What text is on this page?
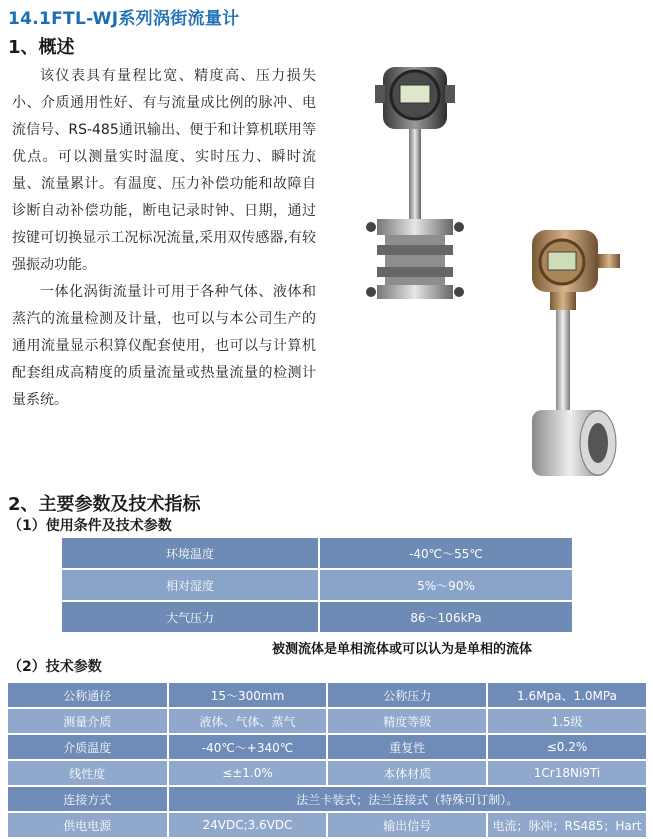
14.1FTL-WJ系列涡街流量计
1、概述
该仪表具有量程比宽、精度高、压力损失小、介质通用性好、有与流量成比例的脉冲、电流信号、RS-485通讯输出、便于和计算机联用等优点。可以测量实时温度、实时压力、瞬时流量、流量累计。有温度、压力补偿功能和故障自诊断自动补偿功能，断电记录时钟、日期，通过按键可切换显示工况标况流量,采用双传感器,有较强振动功能。
一体化涡街流量计可用于各种气体、液体和蒸汽的流量检测及计量，也可以与本公司生产的通用流量显示积算仪配套使用，也可以与计算机配套组成高精度的质量流量或热量流量的检测计量系统。
2、主要参数及技术指标
（1）使用条件及技术参数
环境温度	-40℃～55℃
相对湿度	5%～90%
大气压力	86～106kPa
被测流体是单相流体或可以认为是单相的流体
（2）技术参数
公称通径	15～300mm	公称压力	1.6Mpa、1.0MPa
测量介质	液体、气体、蒸气	精度等级	1.5级
介质温度	-40℃～+340℃	重复性	≤0.2%
线性度	≤±1.0%	本体材质	1Cr18Ni9Ti
连接方式	法兰卡装式；法兰连接式（特殊可订制）。		
供电电源	24VDC;3.6VDC	输出信号	电流；脉冲；RS485；Hart
